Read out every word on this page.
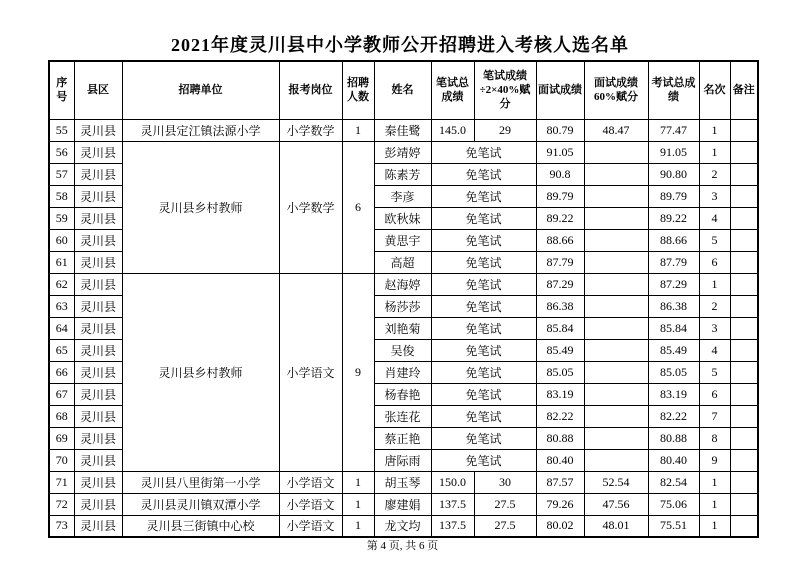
2021年度灵川县中小学教师公开招聘进入考核人选名单
序号	县区	招聘单位	报考岗位	招聘人数	姓名	笔试总成绩	笔试成绩÷2×40%赋分	面试成绩	面试成绩60%赋分	考试总成绩	名次	备注
55	灵川县	灵川县定江镇法源小学	小学数学	1	秦佳鹭	145.0	29	80.79	48.47	77.47	1	
56	灵川县	灵川县乡村教师	小学数学	6	彭靖婷	免笔试		91.05		91.05	1	
57	灵川县				陈素芳	免笔试		90.8		90.80	2	
58	灵川县				李彦	免笔试		89.79		89.79	3	
59	灵川县				欧秋妹	免笔试		89.22		89.22	4	
60	灵川县				黄思宇	免笔试		88.66		88.66	5	
61	灵川县				高超	免笔试		87.79		87.79	6	
62	灵川县	灵川县乡村教师	小学语文	9	赵海婷	免笔试		87.29		87.29	1	
63	灵川县				杨莎莎	免笔试		86.38		86.38	2	
64	灵川县				刘艳菊	免笔试		85.84		85.84	3	
65	灵川县				吴俊	免笔试		85.49		85.49	4	
66	灵川县				肖建玲	免笔试		85.05		85.05	5	
67	灵川县				杨春艳	免笔试		83.19		83.19	6	
68	灵川县				张连花	免笔试		82.22		82.22	7	
69	灵川县				蔡正艳	免笔试		80.88		80.88	8	
70	灵川县				唐际雨	免笔试		80.40		80.40	9	
71	灵川县	灵川县八里街第一小学	小学语文	1	胡玉琴	150.0	30	87.57	52.54	82.54	1	
72	灵川县	灵川县灵川镇双潭小学	小学语文	1	廖建娟	137.5	27.5	79.26	47.56	75.06	1	
73	灵川县	灵川县三街镇中心校	小学语文	1	龙文均	137.5	27.5	80.02	48.01	75.51	1	
第 4 页, 共 6 页
